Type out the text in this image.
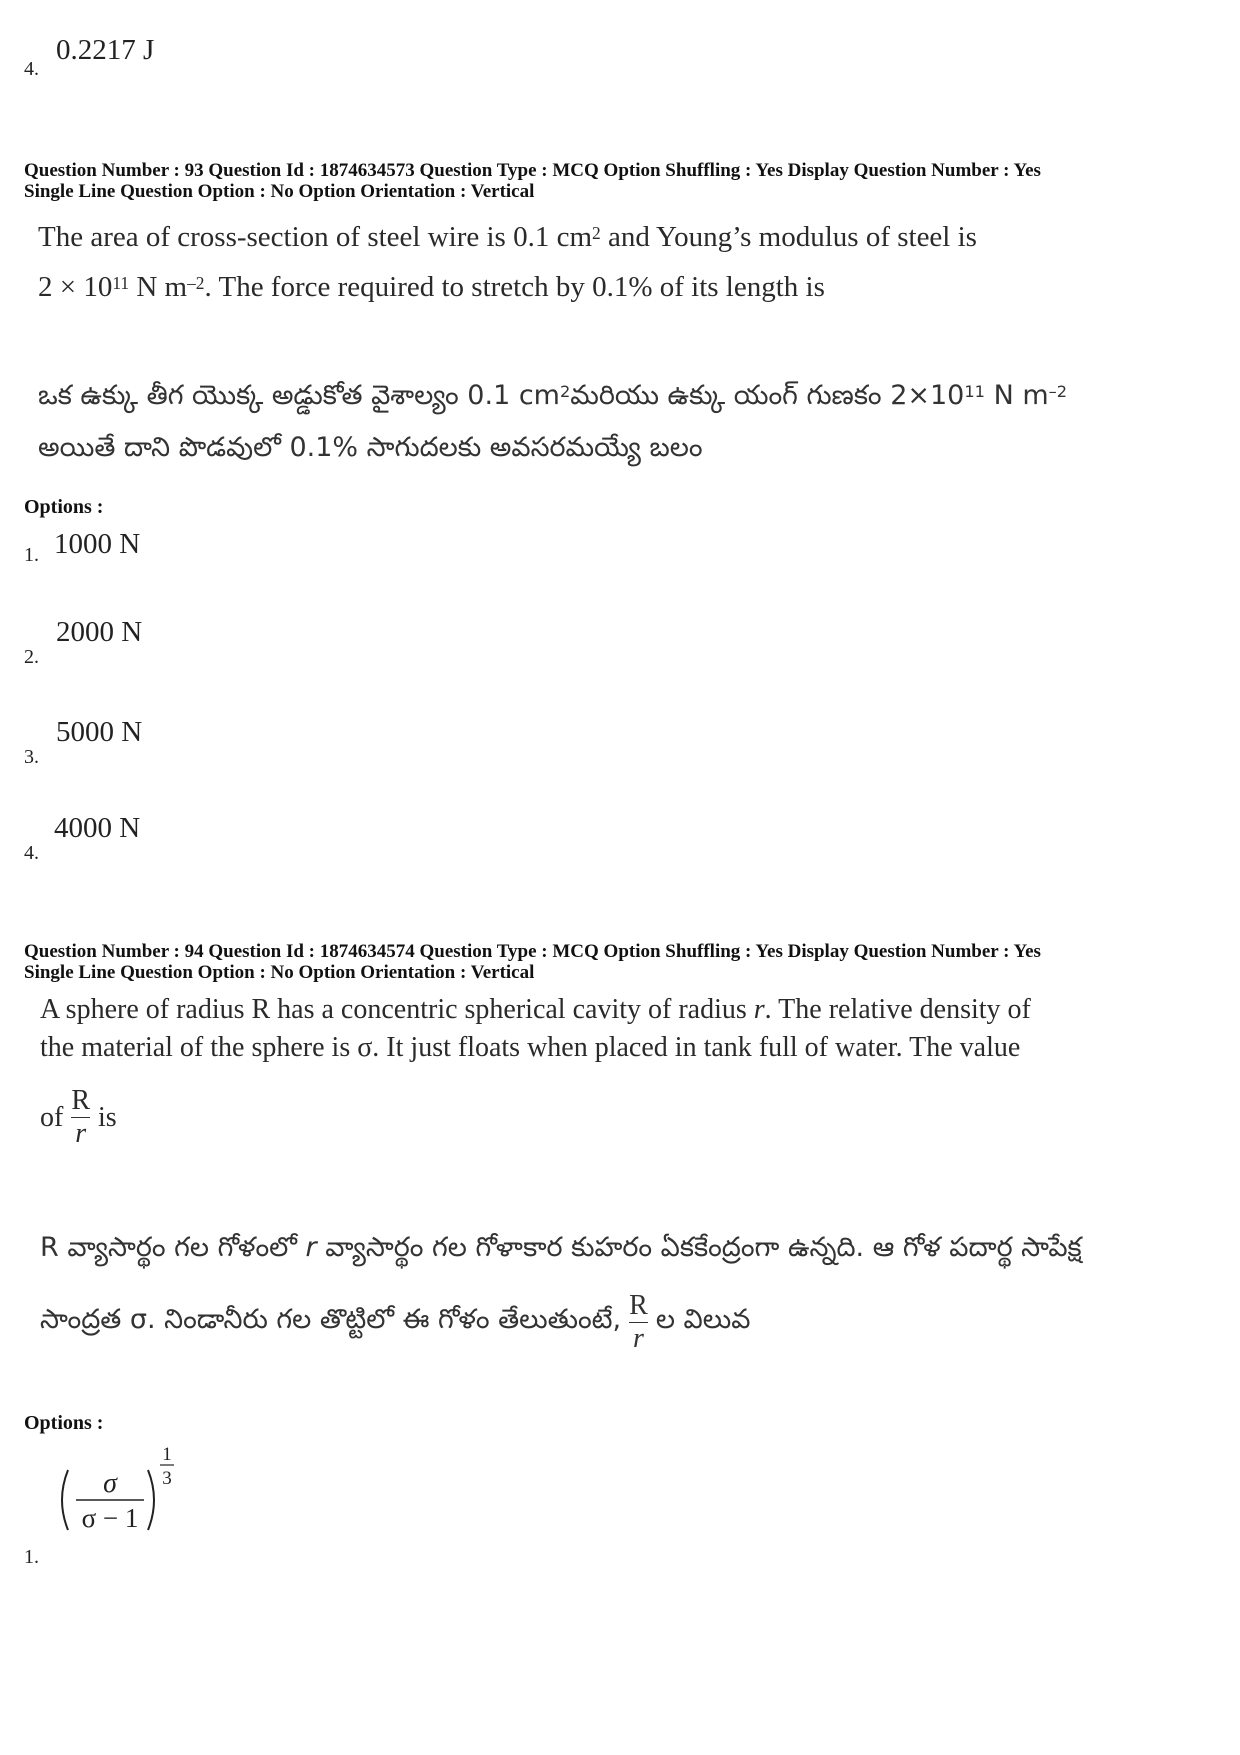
4.
0.2217 J
Question Number : 93 Question Id : 1874634573 Question Type : MCQ Option Shuffling : Yes Display Question Number : Yes
Single Line Question Option : No Option Orientation : Vertical
The area of cross-section of steel wire is 0.1 $cm^2$ and Young’s modulus of steel is
$2 \times 10^{11}$ N $m^{-2}$. The force required to stretch by 0.1% of its length is
ఒక ఉక్కు తీగ యొక్క అడ్డుకోత వైశాల్యం 0.1 $cm^2మరియు$ ఉక్కు యంగ్ గుణకం $2\times 10^{11}$ N $m^{-2}$
అయితే దాని పొడవులో 0.1% సాగుదలకు అవసరమయ్యే బలం
Options :
1. 1000 N
2.
2000 N
3.
5000 N
4.
4000 N
Question Number : 94 Question Id : 1874634574 Question Type : MCQ Option Shuffling : Yes Display Question Number : Yes
Single Line Question Option : No Option Orientation : Vertical
A sphere of radius R has a concentric spherical cavity of radius r. The relative density of
the material of the sphere is σ. It just floats when placed in tank full of water. The value
of $\frac{R}{r}$ is
R వ్యాసార్థం గల గోళంలో r వ్యాసార్థం గల గోళాకార కుహరం ఏకకేంద్రంగా ఉన్నది. ఆ గోళ పదార్థ సాపేక్ష
సాంద్రత σ. నిండానీరు గల తొట్టిలో ఈ గోళం తేలుతుంటే, $\frac{R}{r}$ ల విలువ
Options :
1.
σ
σ − 1
1
3
